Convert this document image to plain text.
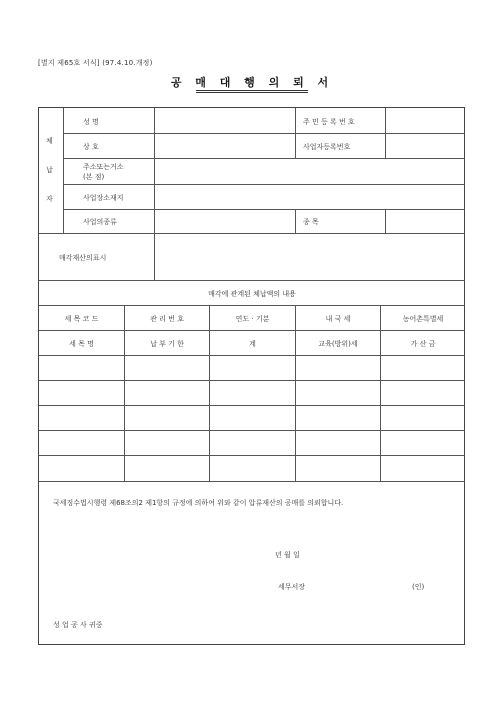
[별지 제65호 서식] (97.4.10.개정)
공 매 대 행 의 뢰 서
체
납
자
성 명	주 민 등 록 번 호
상 호	사업자등록번호
주소또는거소
(본 점)
사업장소재지
사업의종류	종 목
매각재산의표시
매각에 관계된 체납액의 내용
세 목 코 드	관 리 번 호	연도 · 기분	내 국 세	농어촌특별세
세 목 명	납 부 기 한	계	교육(방위)세	가 산 금
국세징수법시행령 제68조의2 제1항의 규정에 의하여 위와 같이 압류재산의 공매를 의뢰합니다.
년 월 일
세무서장	(인)
성 업 공 사 귀중
